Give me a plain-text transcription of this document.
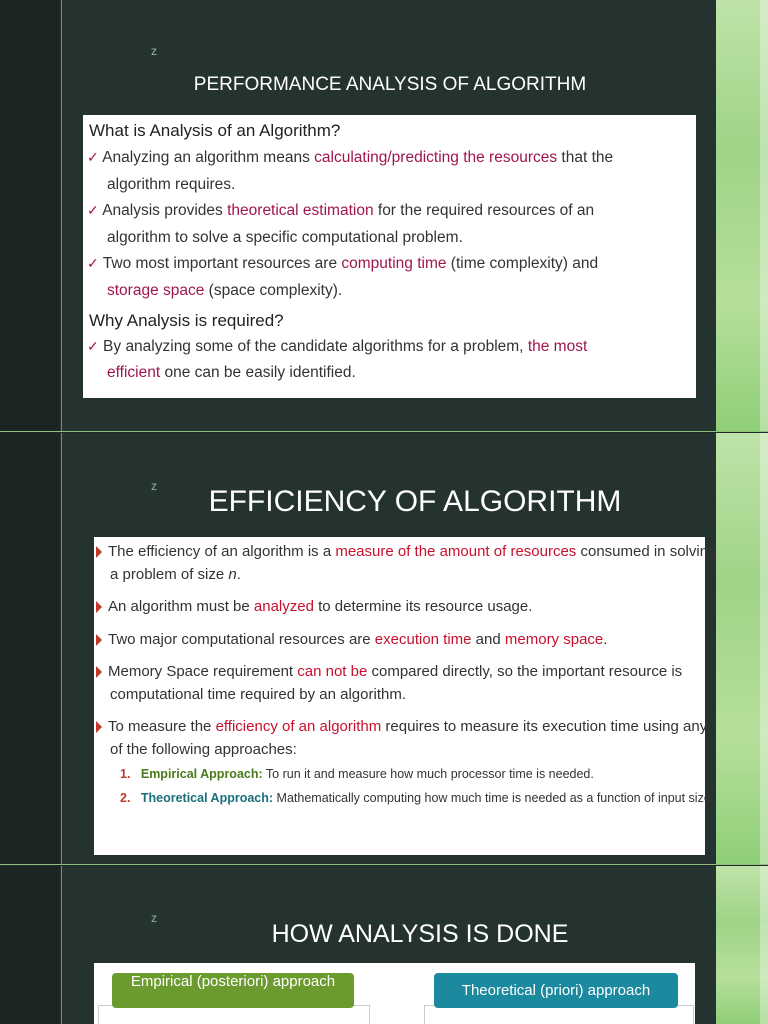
z
PERFORMANCE ANALYSIS OF ALGORITHM
What is Analysis of an Algorithm?
✓ Analyzing an algorithm means calculating/predicting the resources that the
algorithm requires.
✓ Analysis provides theoretical estimation for the required resources of an
algorithm to solve a specific computational problem.
✓ Two most important resources are computing time (time complexity) and
storage space (space complexity).
Why Analysis is required?
✓ By analyzing some of the candidate algorithms for a problem, the most
efficient one can be easily identified.
z	EFFICIENCY OF ALGORITHM
The efficiency of an algorithm is a measure of the amount of resources consumed in solving
a problem of size n.
An algorithm must be analyzed to determine its resource usage.
Two major computational resources are execution time and memory space.
Memory Space requirement can not be compared directly, so the important resource is
computational time required by an algorithm.
To measure the efficiency of an algorithm requires to measure its execution time using any
of the following approaches:
1. Empirical Approach: To run it and measure how much processor time is needed.
2. Theoretical Approach: Mathematically computing how much time is needed as a function of input size.
z
HOW ANALYSIS IS DONE
Empirical (posteriori) approach
Theoretical (priori) approach
